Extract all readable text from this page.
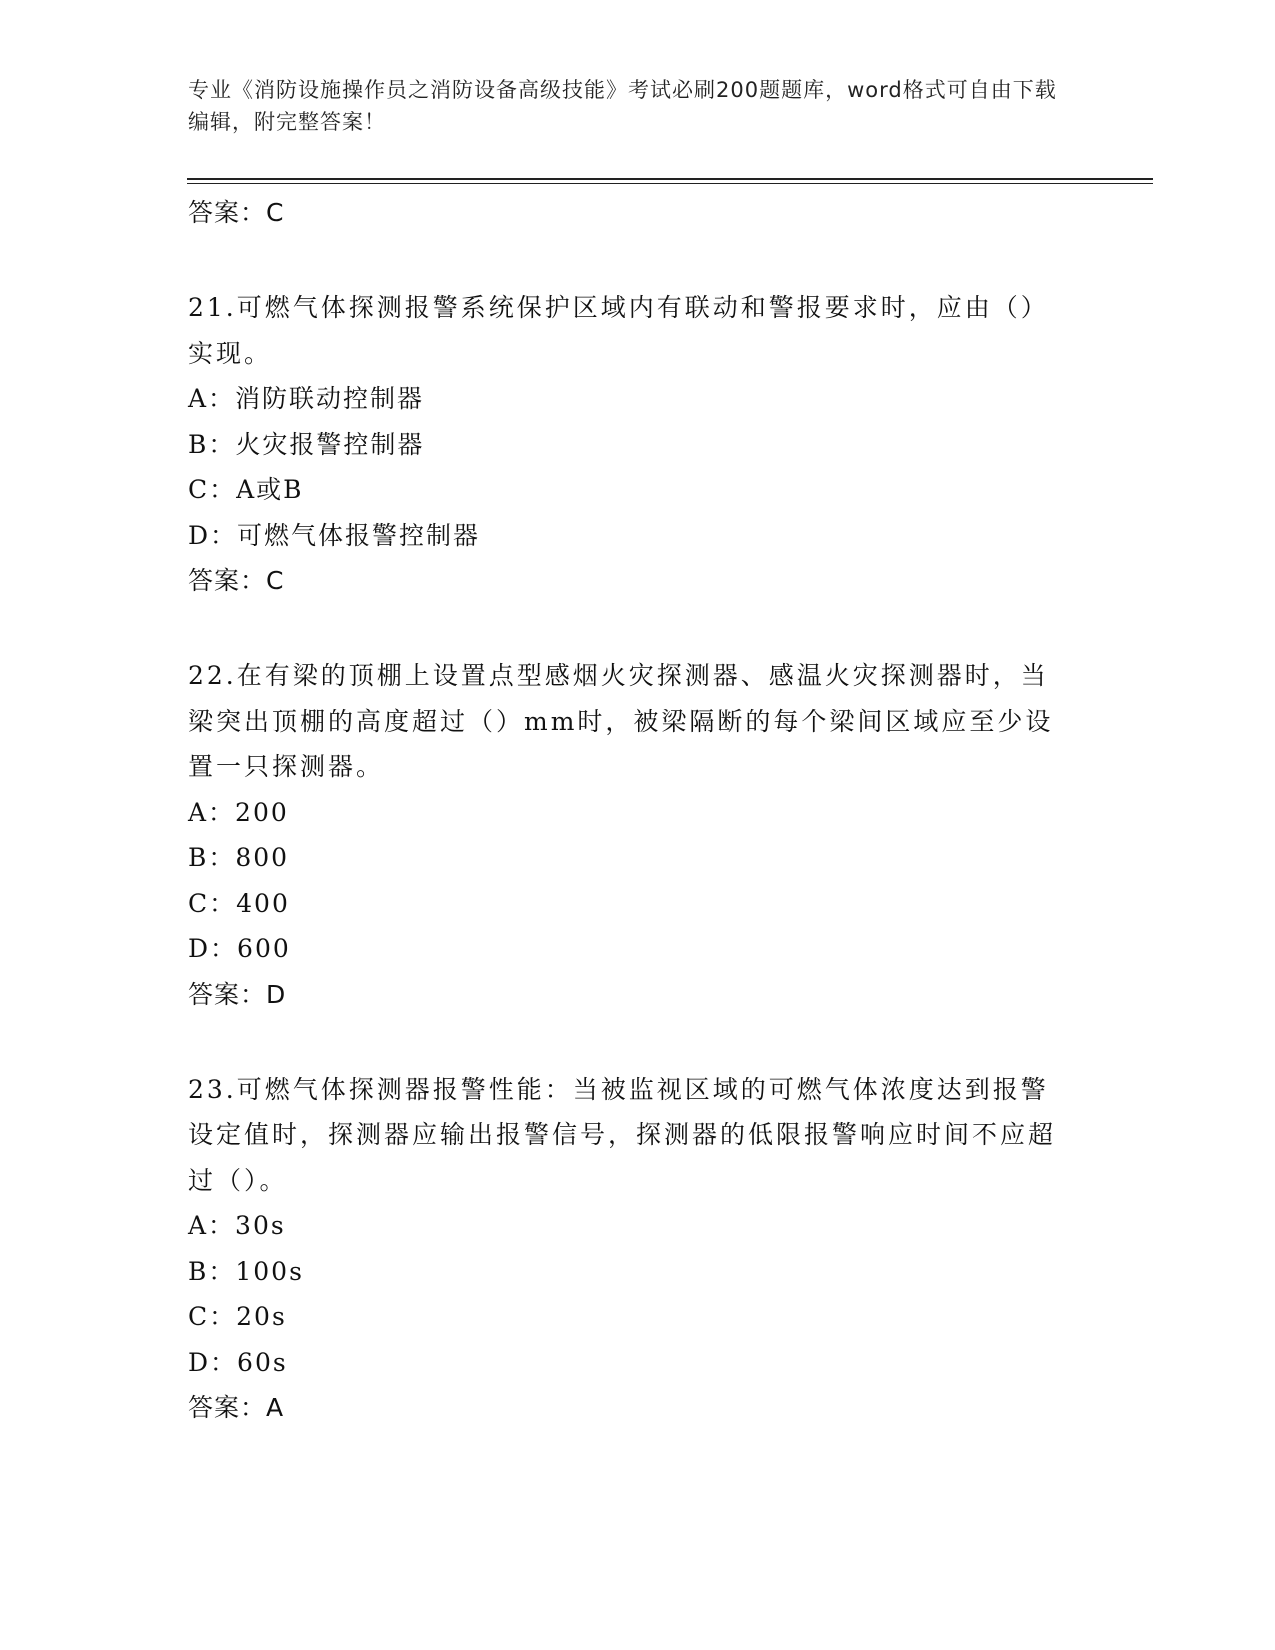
专业《消防设施操作员之消防设备高级技能》考试必刷200题题库，word格式可自由下载编辑，附完整答案！
答案：C
21.可燃气体探测报警系统保护区域内有联动和警报要求时，应由（）实现。
A：消防联动控制器
B：火灾报警控制器
C：A或B
D：可燃气体报警控制器
答案：C
22.在有梁的顶棚上设置点型感烟火灾探测器、感温火灾探测器时，当梁突出顶棚的高度超过（）mm时，被梁隔断的每个梁间区域应至少设置一只探测器。
A：200
B：800
C：400
D：600
答案：D
23.可燃气体探测器报警性能：当被监视区域的可燃气体浓度达到报警设定值时，探测器应输出报警信号，探测器的低限报警响应时间不应超过（）。
A：30s
B：100s
C：20s
D：60s
答案：A
